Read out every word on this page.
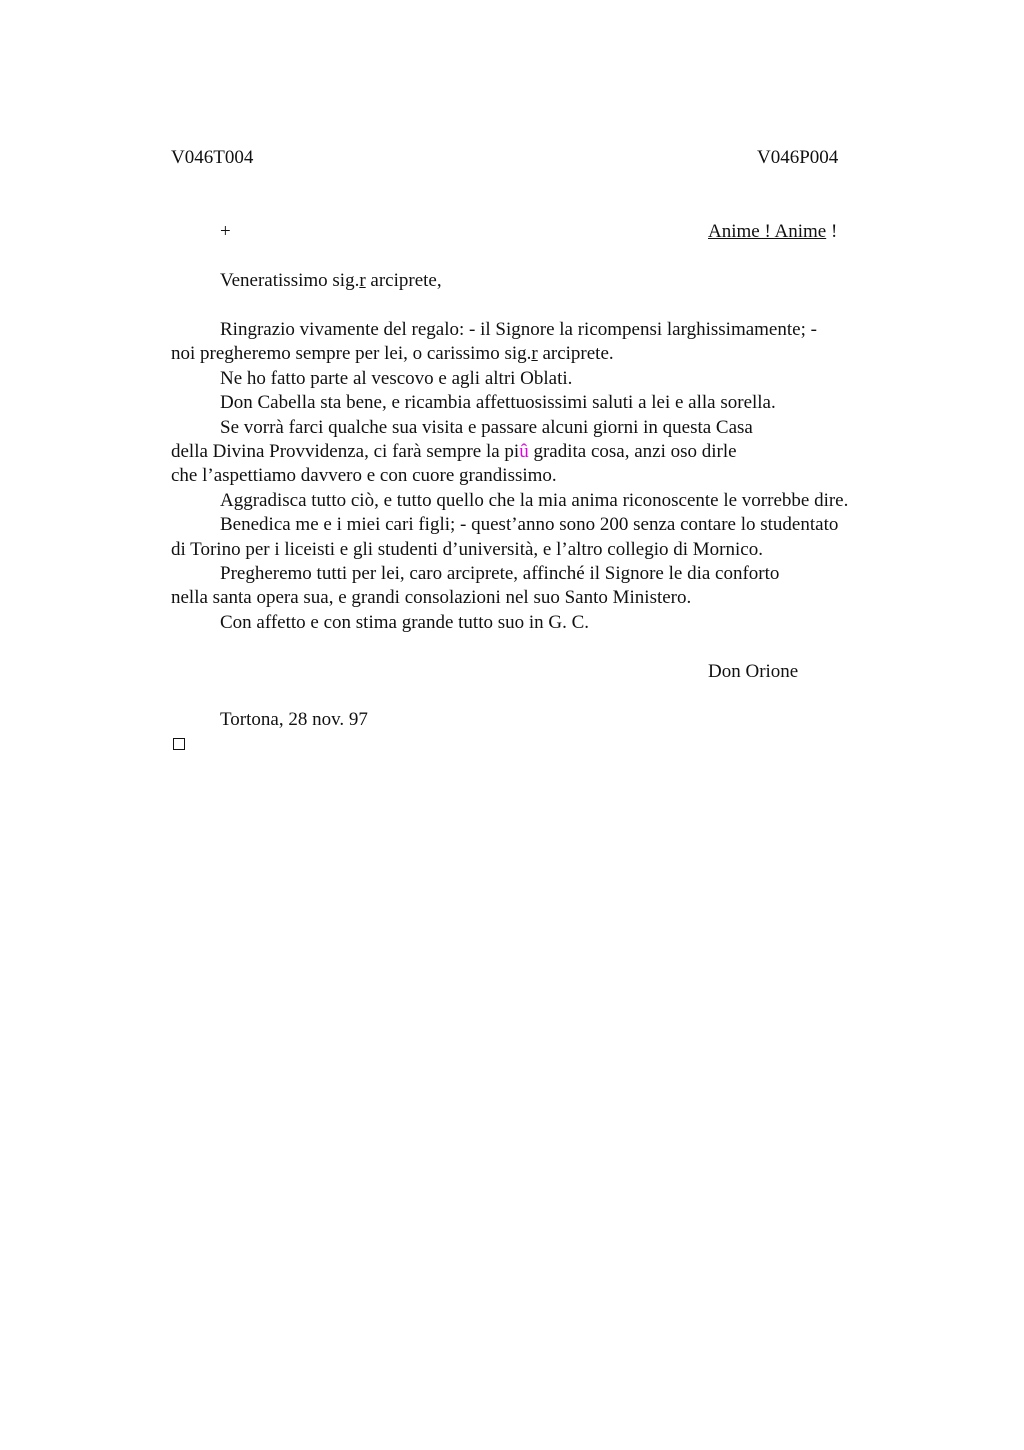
V046T004	V046P004
+	Anime ! Anime !
Veneratissimo sig.r arciprete,
Ringrazio vivamente del regalo: - il Signore la ricompensi larghissimamente; -
noi pregheremo sempre per lei, o carissimo sig.r arciprete.
Ne ho fatto parte al vescovo e agli altri Oblati.
Don Cabella sta bene, e ricambia affettuosissimi saluti a lei e alla sorella.
Se vorrà farci qualche sua visita e passare alcuni giorni in questa Casa
della Divina Provvidenza, ci farà sempre la piû gradita cosa, anzi oso dirle
che l’aspettiamo davvero e con cuore grandissimo.
Aggradisca tutto ciò, e tutto quello che la mia anima riconoscente le vorrebbe dire.
Benedica me e i miei cari figli; - quest’anno sono 200 senza contare lo studentato
di Torino per i liceisti e gli studenti d’università, e l’altro collegio di Mornico.
Pregheremo tutti per lei, caro arciprete, affinché il Signore le dia conforto
nella santa opera sua, e grandi consolazioni nel suo Santo Ministero.
Con affetto e con stima grande tutto suo in G. C.
Don Orione
Tortona, 28 nov. 97
